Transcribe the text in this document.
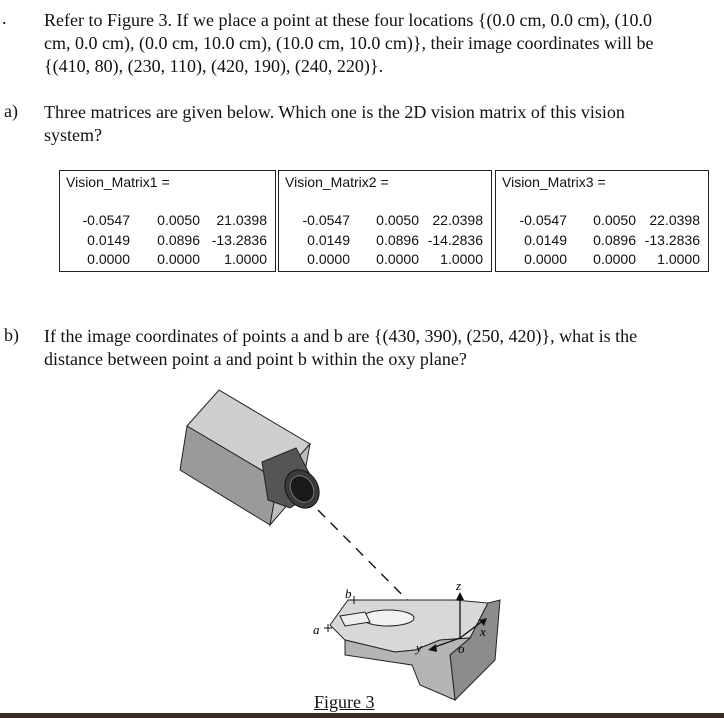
. Refer to Figure 3. If we place a point at these four locations {(0.0 cm, 0.0 cm), (10.0
cm, 0.0 cm), (0.0 cm, 10.0 cm), (10.0 cm, 10.0 cm)}, their image coordinates will be
{(410, 80), (230, 110), (420, 190), (240, 220)}.
a) Three matrices are given below. Which one is the 2D vision matrix of this vision
system?
Vision_Matrix1 =
-0.0547 0.0050 21.0398
0.0149 0.0896 -13.2836
0.0000 0.0000 1.0000
Vision_Matrix2 =
-0.0547 0.0050 22.0398
0.0149 0.0896 -14.2836
0.0000 0.0000 1.0000
Vision_Matrix3 =
-0.0547 0.0050 22.0398
0.0149 0.0896 -13.2836
0.0000 0.0000 1.0000
b) If the image coordinates of points a and b are {(430, 390), (250, 420)}, what is the
distance between point a and point b within the oxy plane?
a
b
z
x
y	o
Figure 3
